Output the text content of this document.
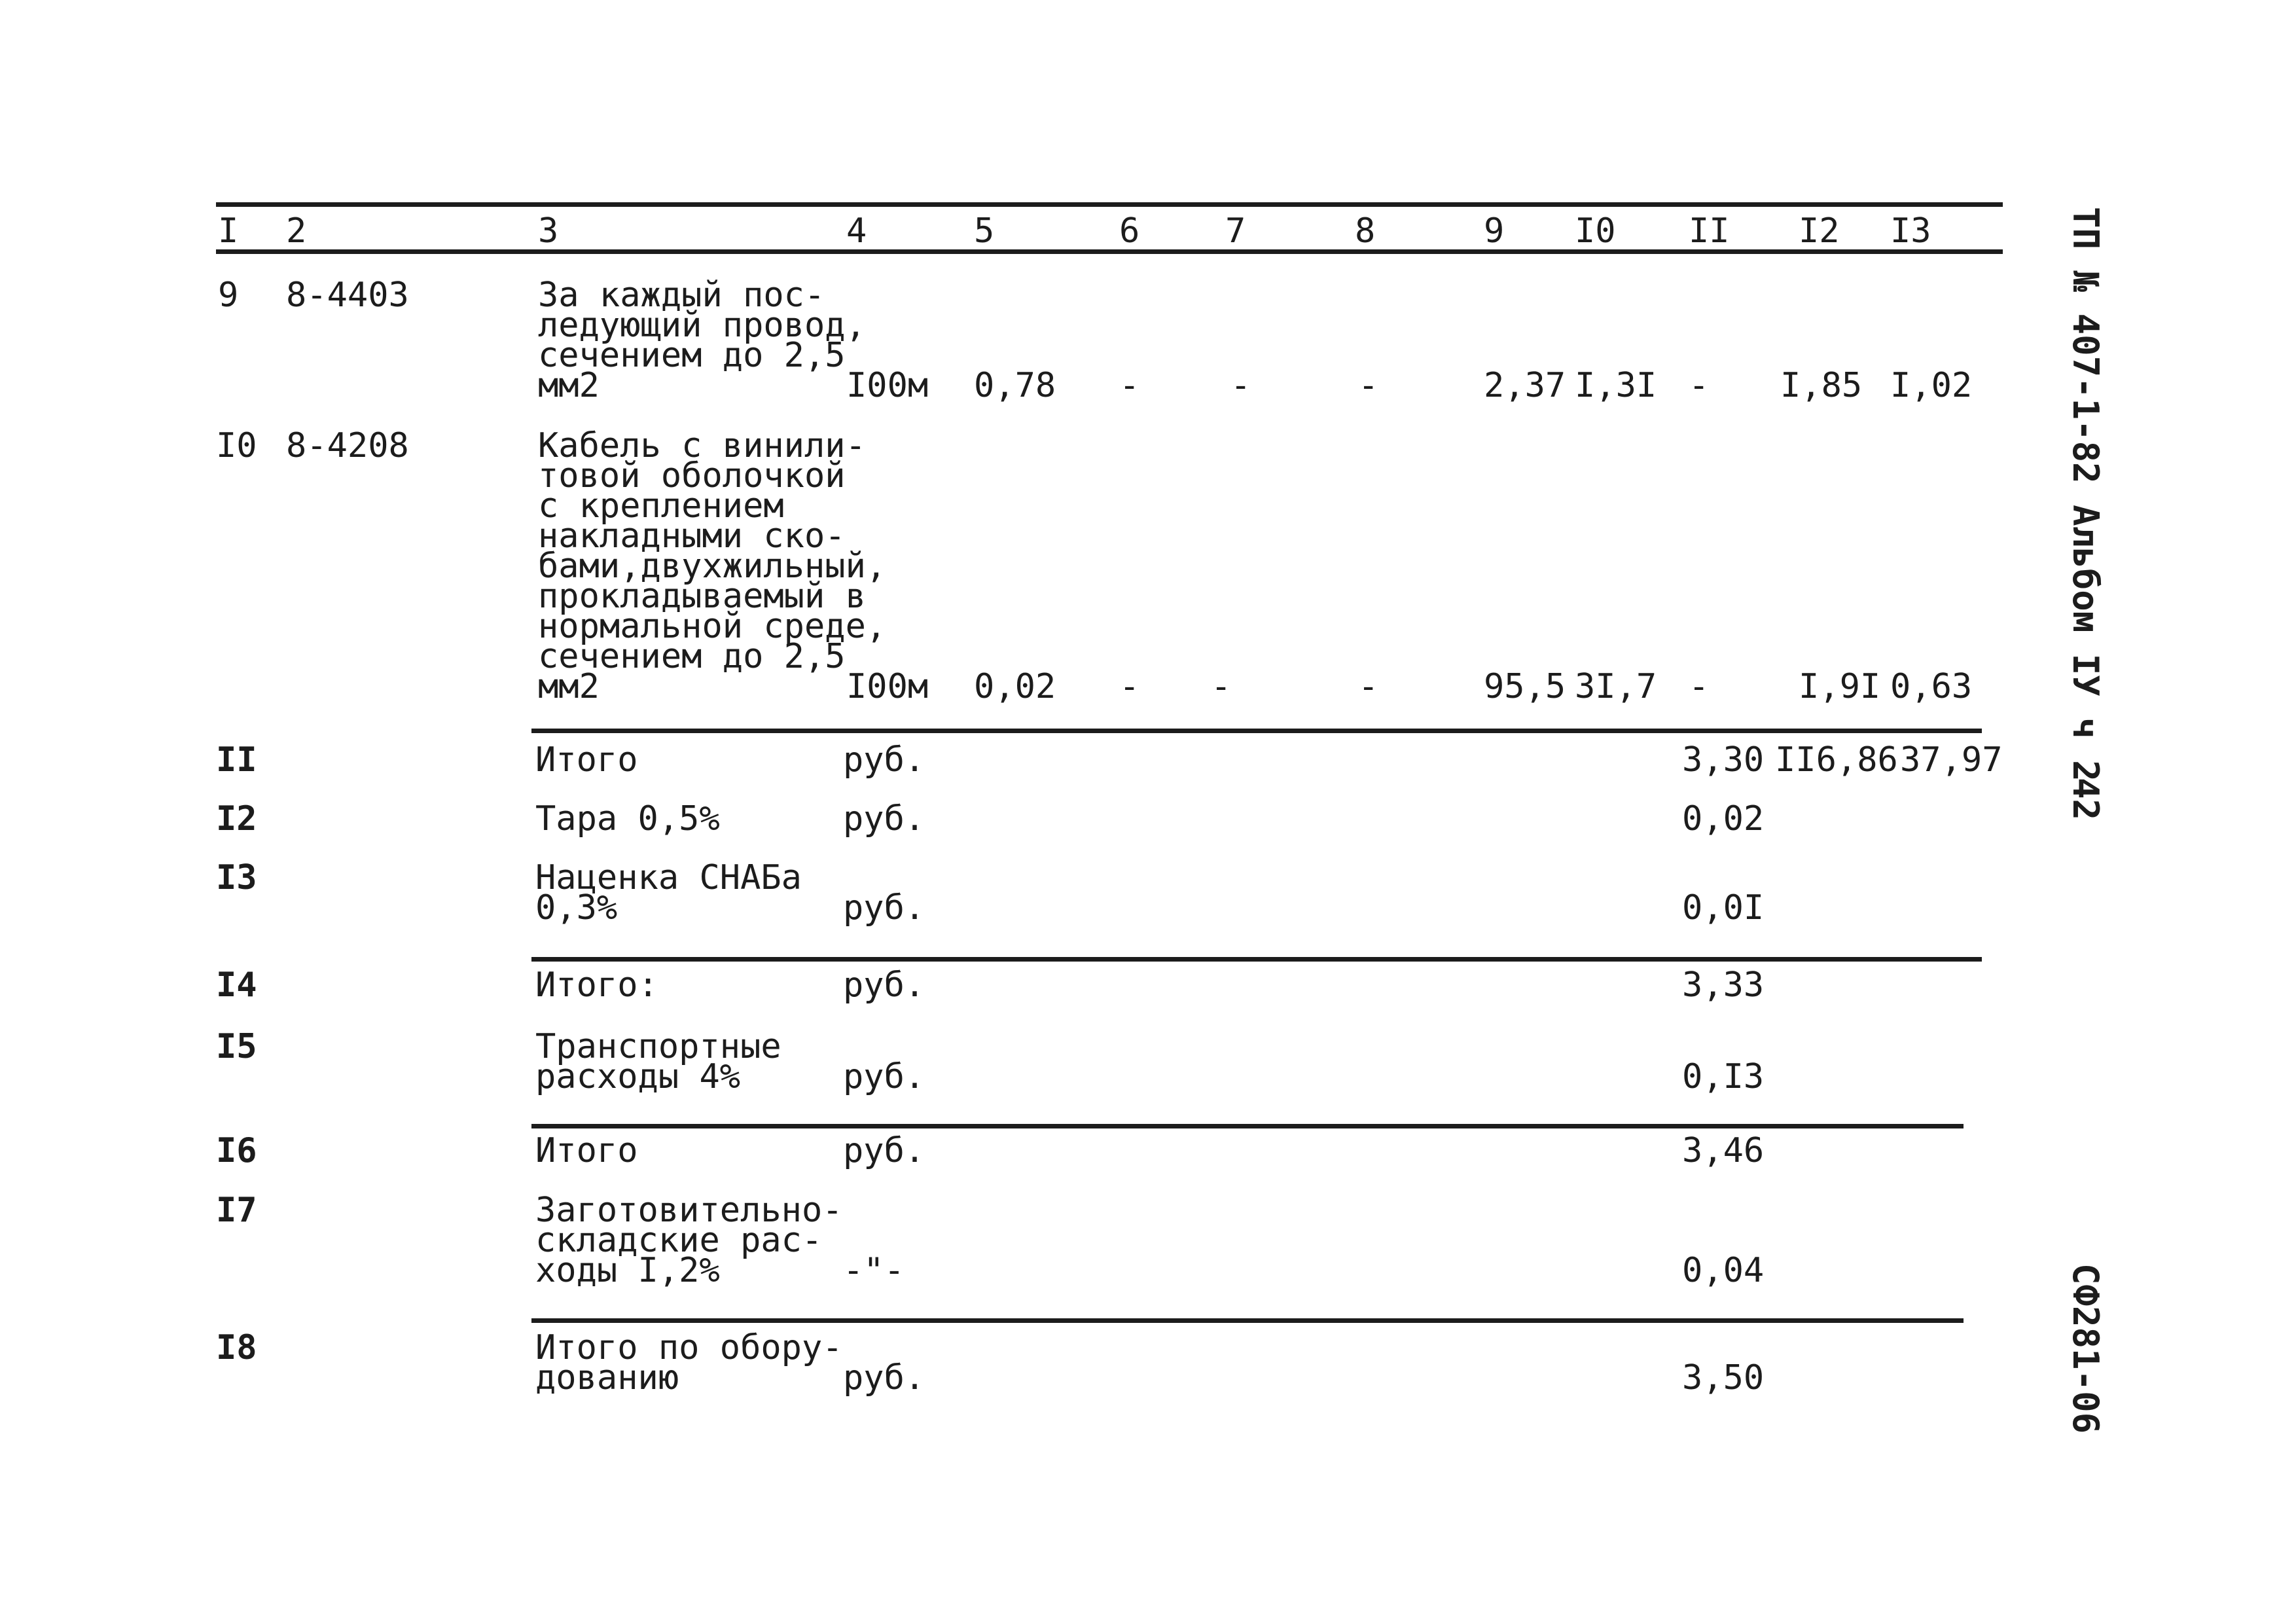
I 2	3	4	5	6	7	8	9 I0 II I2 I3
9 8-4403	За каждый пос-
ледующий провод,
сечением до 2,5
мм2	I00м 0,78 -	-	-	2,37 I,3I - I,85 I,02
I0 8-4208	Кабель с винили-
товой оболочкой
с креплением
накладными ско-
бами,двухжильный,
прокладываемый в
нормальной среде,
сечением до 2,5
мм2	I00м 0,02 - -	-	95,5 3I,7 -	I,9I 0,63
II	Итого	руб.	3,30 II6,86 37,97
I2	Тара 0,5%	руб.	0,02
I3	Наценка СНАБа
0,3%	руб.	0,0I
I4	Итого:	руб.	3,33
I5	Транспортные
расходы 4%	руб.	0,I3
I6	Итого	руб.	3,46
I7	Заготовительно-
складские рас-
ходы I,2%	-"-	0,04
I8	Итого по обору-
дованию	руб.	3,50
ТП № 407-1-82 Альбом IУ ч 2
42
СФ281-06
